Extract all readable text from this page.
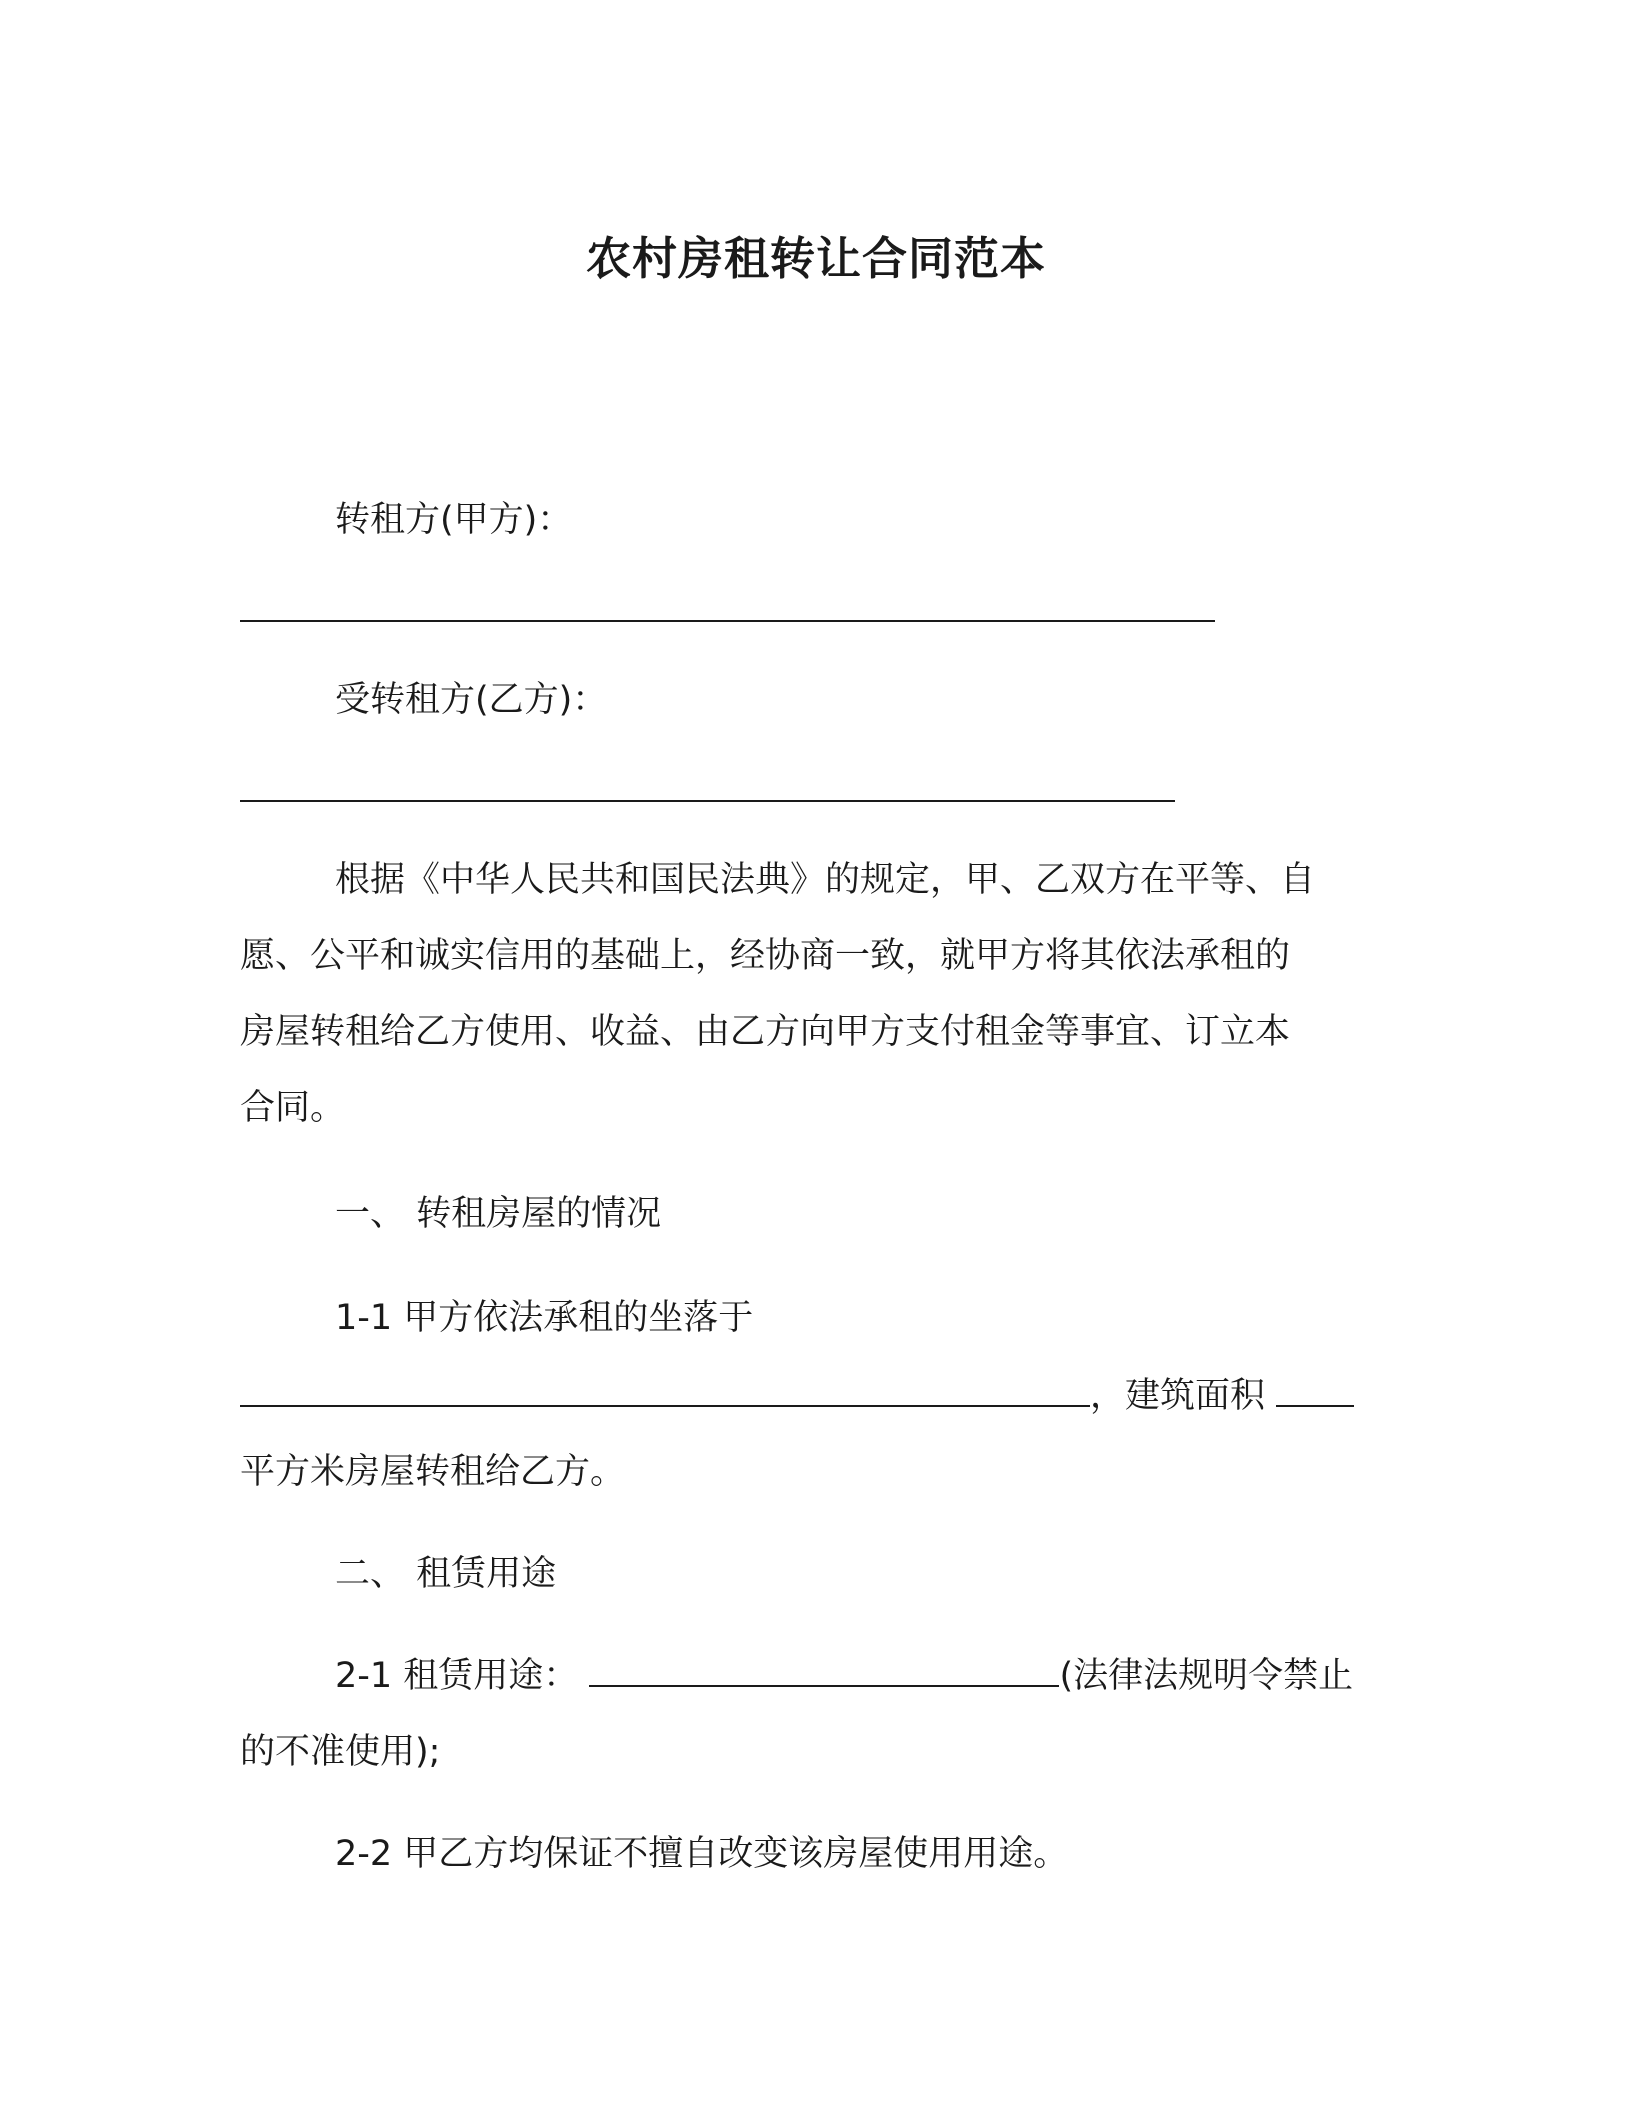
农村房租转让合同范本
转租方(甲方)：
受转租方(乙方)：
根据《中华人民共和国民法典》的规定，甲、乙双方在平等、自
愿、公平和诚实信用的基础上，经协商一致，就甲方将其依法承租的
房屋转租给乙方使用、收益、由乙方向甲方支付租金等事宜、订立本
合同。
一、 转租房屋的情况
1-1 甲方依法承租的坐落于
，建筑面积
平方米房屋转租给乙方。
二、 租赁用途
2-1 租赁用途：	(法律法规明令禁止
的不准使用);
2-2 甲乙方均保证不擅自改变该房屋使用用途。
